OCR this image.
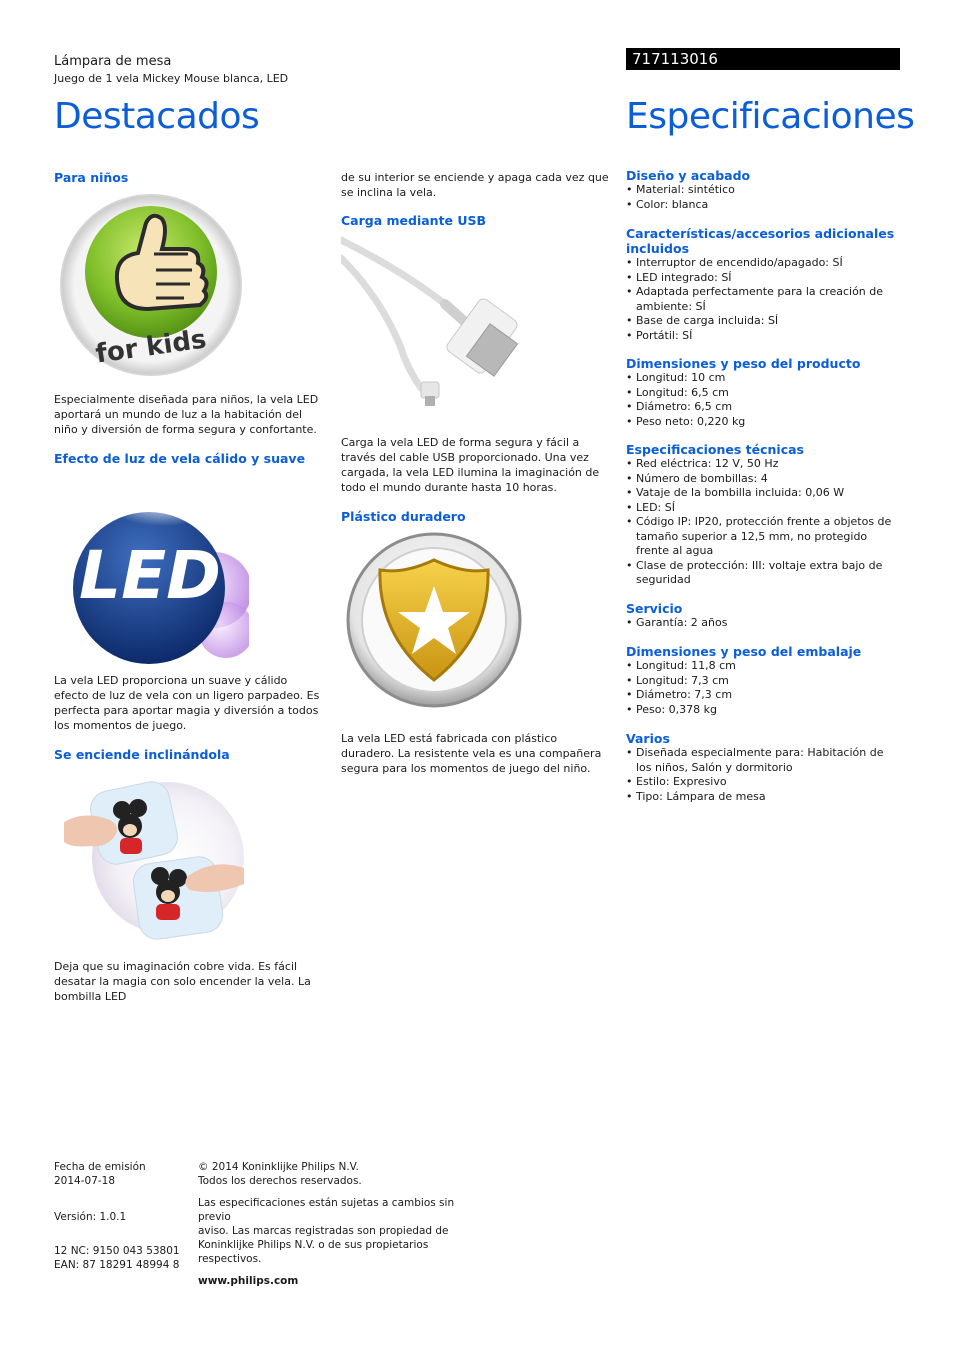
Lámpara de mesa
Juego de 1 vela Mickey Mouse blanca, LED
717113016
Destacados	Especificaciones
Para niños
for kids
Especialmente diseñada para niños, la vela LED aportará un mundo de luz a la habitación del niño y diversión de forma segura y confortante.
Efecto de luz de vela cálido y suave
LED
La vela LED proporciona un suave y cálido efecto de luz de vela con un ligero parpadeo. Es perfecta para aportar magia y diversión a todos los momentos de juego.
Se enciende inclinándola
Deja que su imaginación cobre vida. Es fácil desatar la magia con solo encender la vela. La bombilla LED
de su interior se enciende y apaga cada vez que se inclina la vela.
Carga mediante USB
Carga la vela LED de forma segura y fácil a través del cable USB proporcionado. Una vez cargada, la vela LED ilumina la imaginación de todo el mundo durante hasta 10 horas.
Plástico duradero
La vela LED está fabricada con plástico duradero. La resistente vela es una compañera segura para los momentos de juego del niño.
Diseño y acabado
• Material: sintético
• Color: blanca
Características/accesorios adicionales incluidos
• Interruptor de encendido/apagado: SÍ
• LED integrado: SÍ
• Adaptada perfectamente para la creación de ambiente: SÍ
• Base de carga incluida: SÍ
• Portátil: SÍ
Dimensiones y peso del producto
• Longitud: 10 cm
• Longitud: 6,5 cm
• Diámetro: 6,5 cm
• Peso neto: 0,220 kg
Especificaciones técnicas
• Red eléctrica: 12 V, 50 Hz
• Número de bombillas: 4
• Vataje de la bombilla incluida: 0,06 W
• LED: SÍ
• Código IP: IP20, protección frente a objetos de tamaño superior a 12,5 mm, no protegido frente al agua
• Clase de protección: III: voltaje extra bajo de seguridad
Servicio
• Garantía: 2 años
Dimensiones y peso del embalaje
• Longitud: 11,8 cm
• Longitud: 7,3 cm
• Diámetro: 7,3 cm
• Peso: 0,378 kg
Varios
• Diseñada especialmente para: Habitación de los niños, Salón y dormitorio
• Estilo: Expresivo
• Tipo: Lámpara de mesa
Fecha de emisión
2014-07-18
Versión: 1.0.1
12 NC: 9150 043 53801
EAN: 87 18291 48994 8
© 2014 Koninklijke Philips N.V.
Todos los derechos reservados.
Las especificaciones están sujetas a cambios sin previo
aviso. Las marcas registradas son propiedad de
Koninklijke Philips N.V. o de sus propietarios
respectivos.
www.philips.com
